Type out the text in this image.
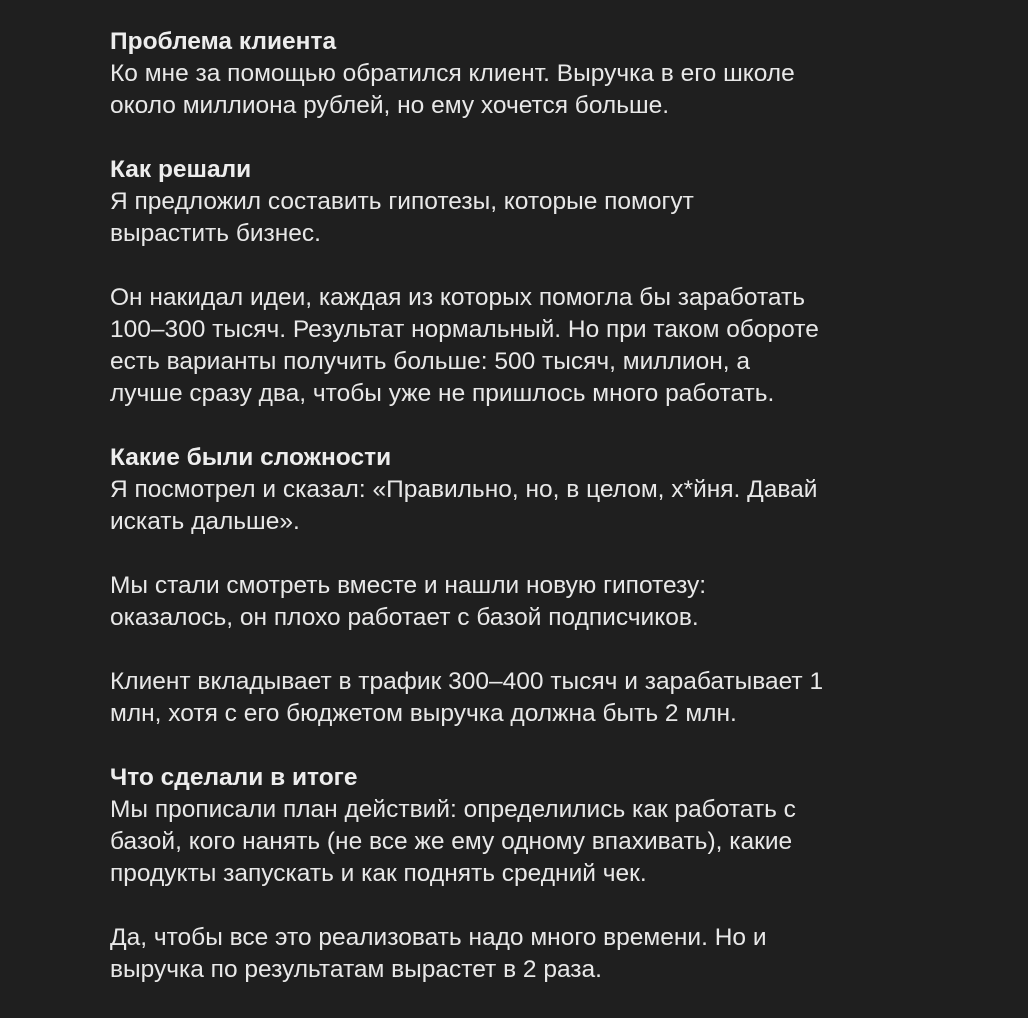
Проблема клиента

Ко мне за помощью обратился клиент. Выручка в его школе
около миллиона рублей, но ему хочется больше.

Как решали

Я предложил составить гипотезы, которые помогут
вырастить бизнес.

Он накидал идеи, каждая из которых помогла бы заработать
100–300 тысяч. Результат нормальный. Но при таком обороте
есть варианты получить больше: 500 тысяч, миллион, а
лучше сразу два, чтобы уже не пришлось много работать.

Какие были сложности

Я посмотрел и сказал: «Правильно, но, в целом, х*йня. Давай
искать дальше».

Мы стали смотреть вместе и нашли новую гипотезу:
оказалось, он плохо работает с базой подписчиков.

Клиент вкладывает в трафик 300–400 тысяч и зарабатывает 1
млн, хотя с его бюджетом выручка должна быть 2 млн.

Что сделали в итоге

Мы прописали план действий: определились как работать с
базой, кого нанять (не все же ему одному впахивать), какие
продукты запускать и как поднять средний чек.

Да, чтобы все это реализовать надо много времени. Но и
выручка по результатам вырастет в 2 раза.
